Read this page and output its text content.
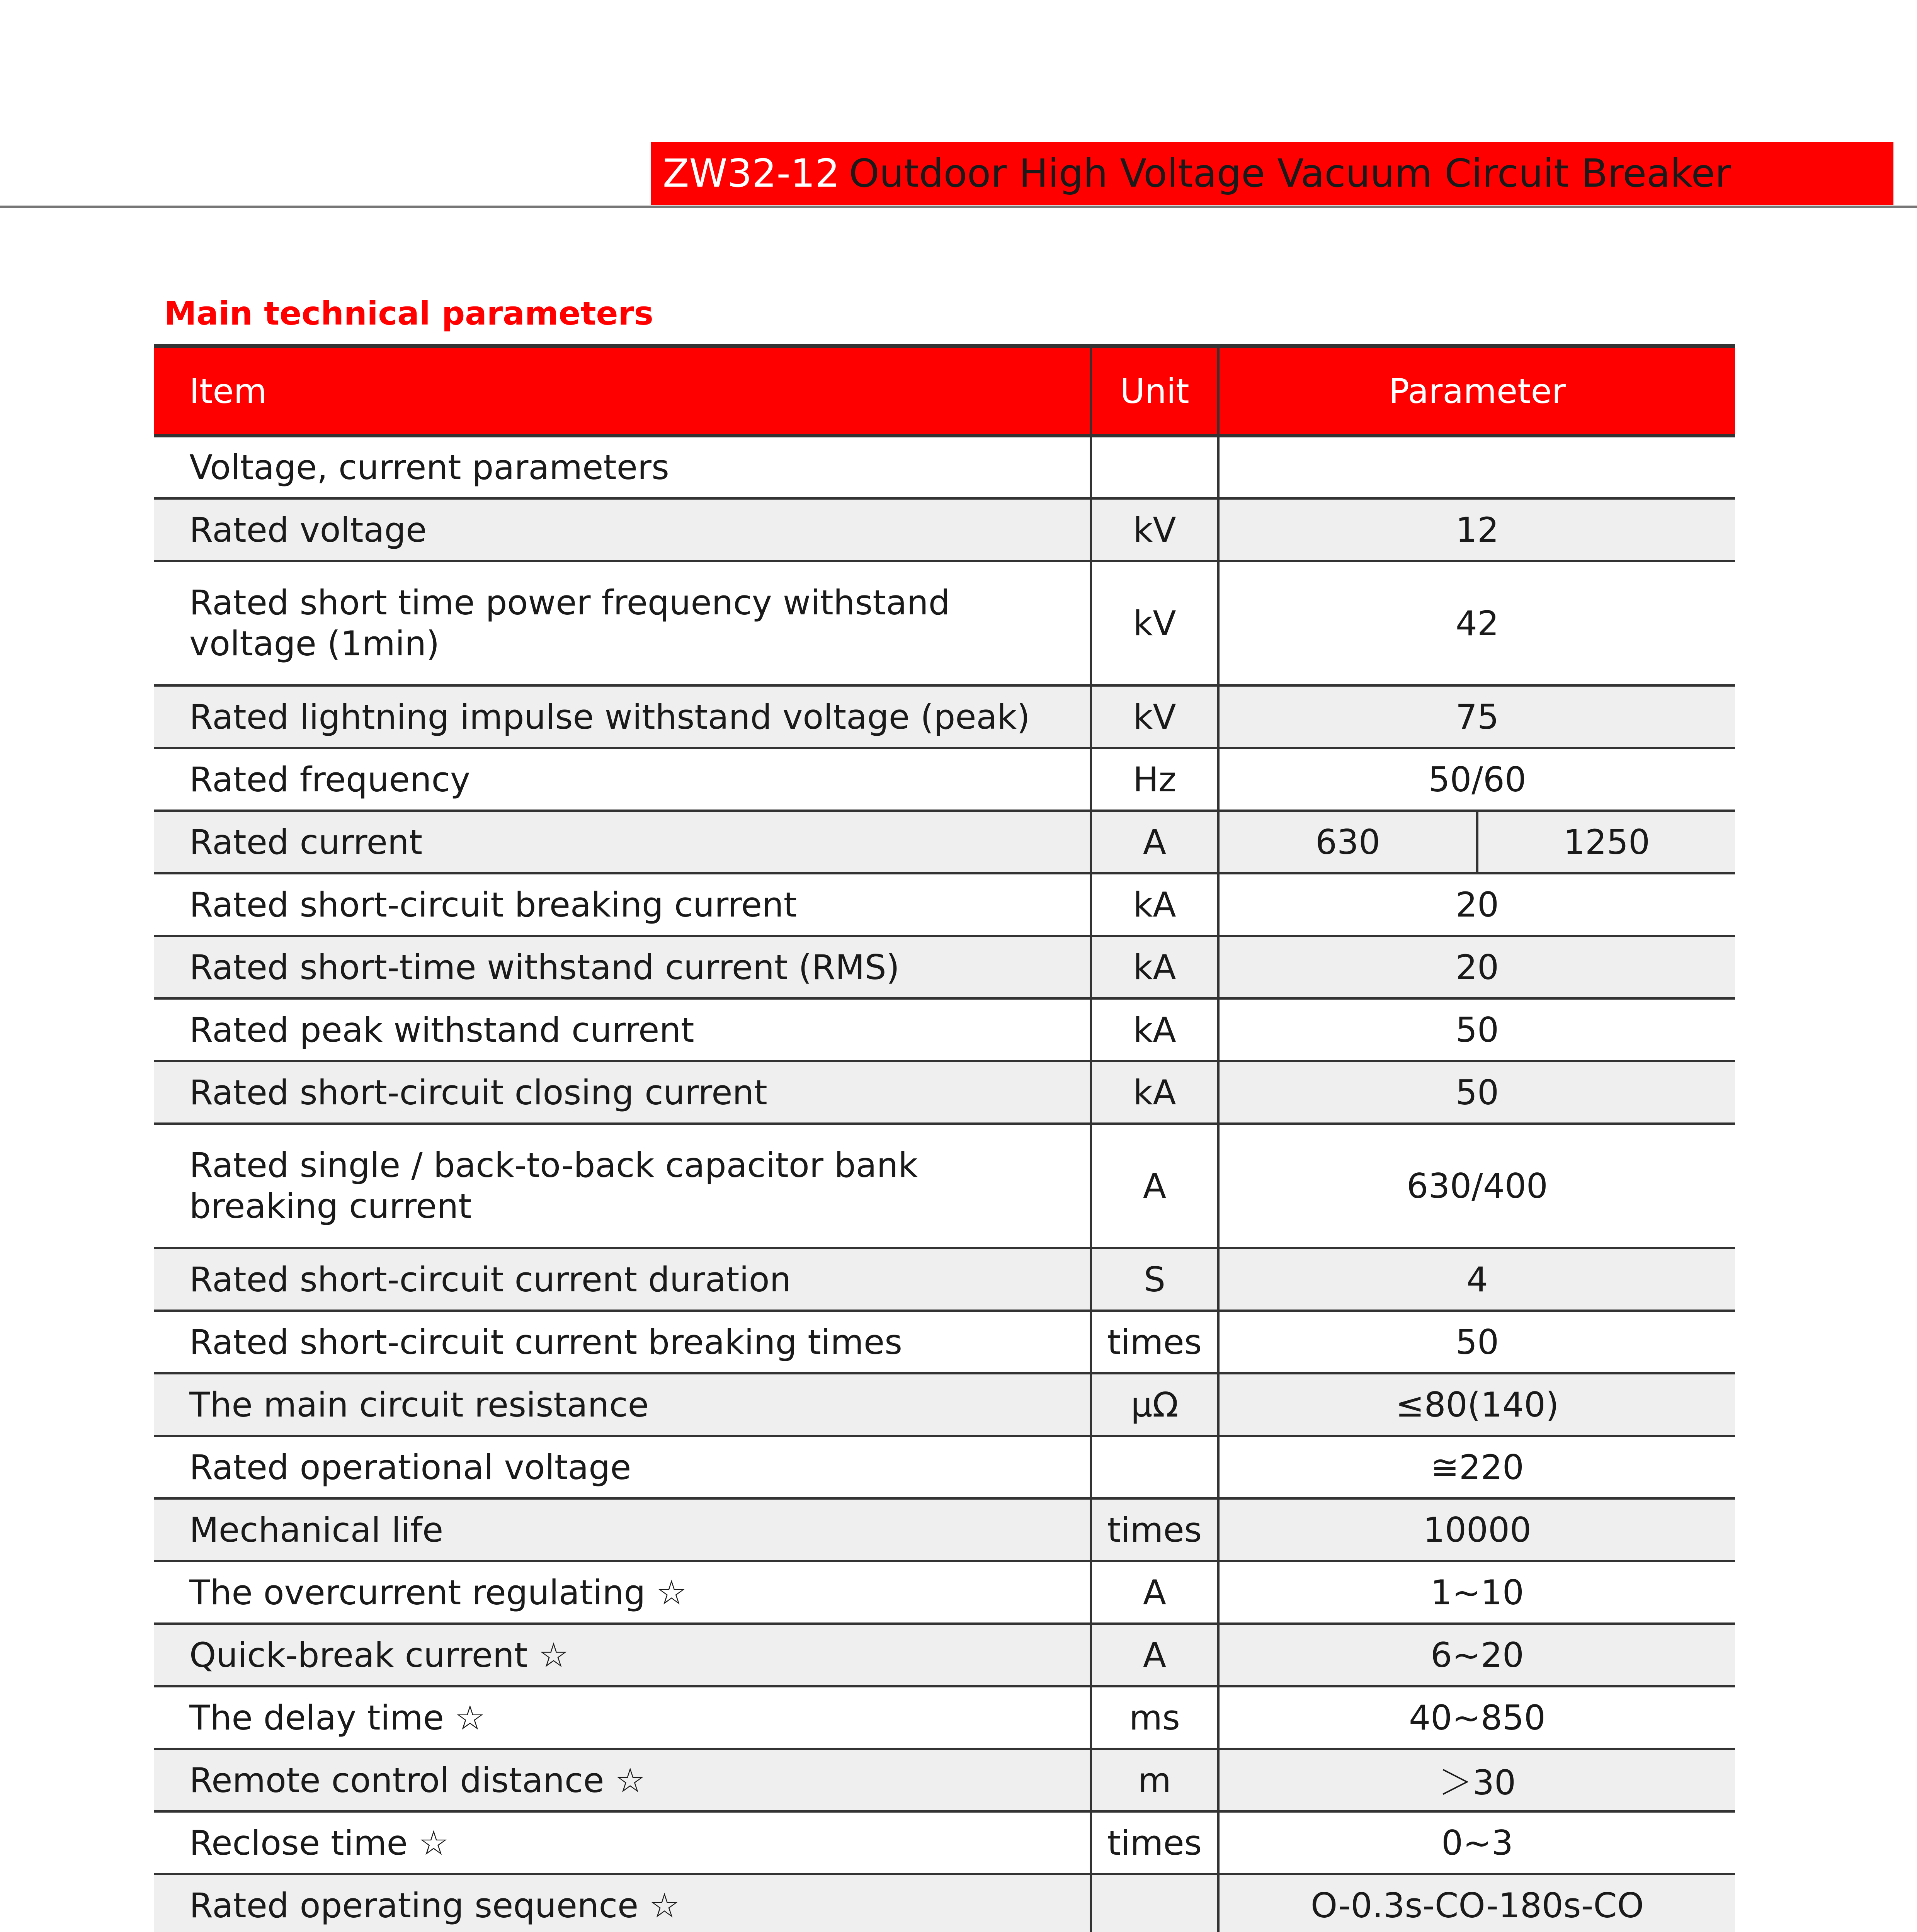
ZW32-12 Outdoor High Voltage Vacuum Circuit Breaker
Main technical parameters
Item		Unit	Parameter
Voltage, current parameters			
Rated voltage		kV	12

Rated short time power frequency withstand voltage (1min)		kV	42
Rated lightning impulse withstand voltage (peak)		kV	75
Rated frequency		Hz	50/60
Rated current		A	630 1250

Rated short-circuit breaking current		kA	20
Rated short-time withstand current (RMS)		kA	20
Rated peak withstand current		kA	50
Rated short-circuit closing current		kA	50

Rated single / back-to-back capacitor bank breaking current		A	630/400
Rated short-circuit current duration		S	4
Rated short-circuit current breaking times		times	50
The main circuit resistance		μΩ	≤80(140)
Rated operational voltage			≅220
Mechanical life		times	10000
The overcurrent regulating ☆		A	1~10
Quick-break current ☆		A	6~20
The delay time ☆		ms	40~850
Remote control distance ☆		m	＞30
Reclose time ☆		times	0~3
Rated operating sequence ☆			O-0.3s-CO-180s-CO
